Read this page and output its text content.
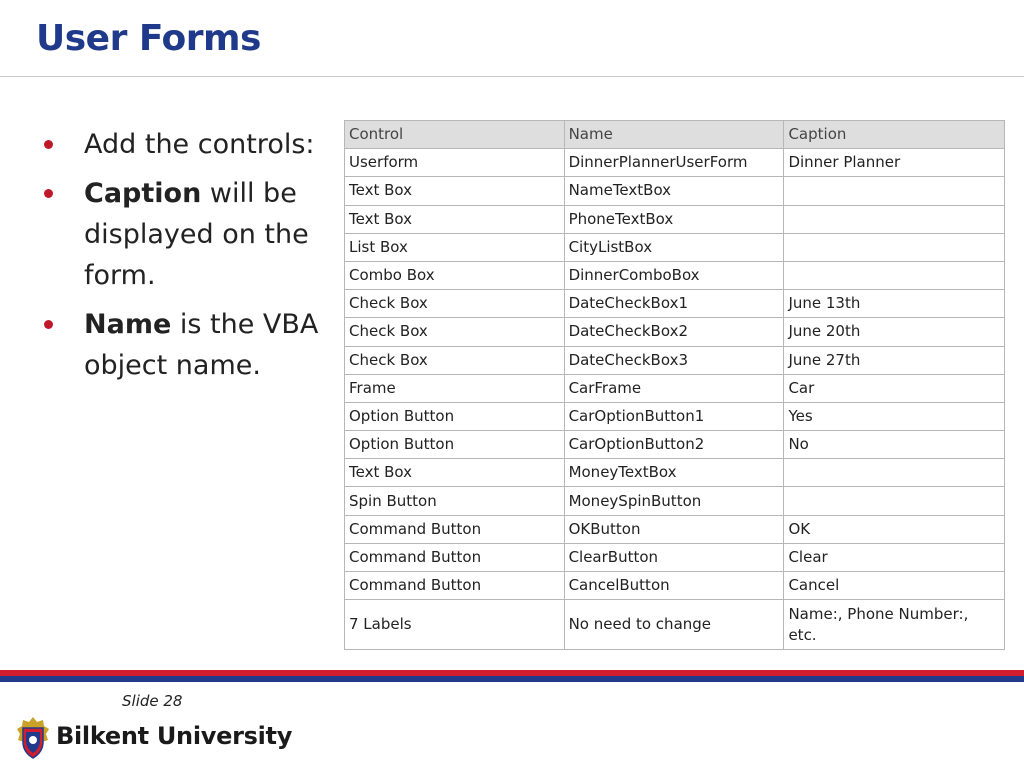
User Forms
Add the controls:
Caption will be displayed on the form.
Name is the VBA object name.
Control	Name	Caption
Userform	DinnerPlannerUserForm	Dinner Planner
Text Box	NameTextBox	
Text Box	PhoneTextBox	
List Box	CityListBox	
Combo Box	DinnerComboBox	
Check Box	DateCheckBox1	June 13th
Check Box	DateCheckBox2	June 20th
Check Box	DateCheckBox3	June 27th
Frame	CarFrame	Car
Option Button	CarOptionButton1	Yes
Option Button	CarOptionButton2	No
Text Box	MoneyTextBox	
Spin Button	MoneySpinButton	
Command Button	OKButton	OK
Command Button	ClearButton	Clear
Command Button	CancelButton	Cancel
7 Labels	No need to change	Name:, Phone Number:, etc.
Slide 28
Bilkent University
